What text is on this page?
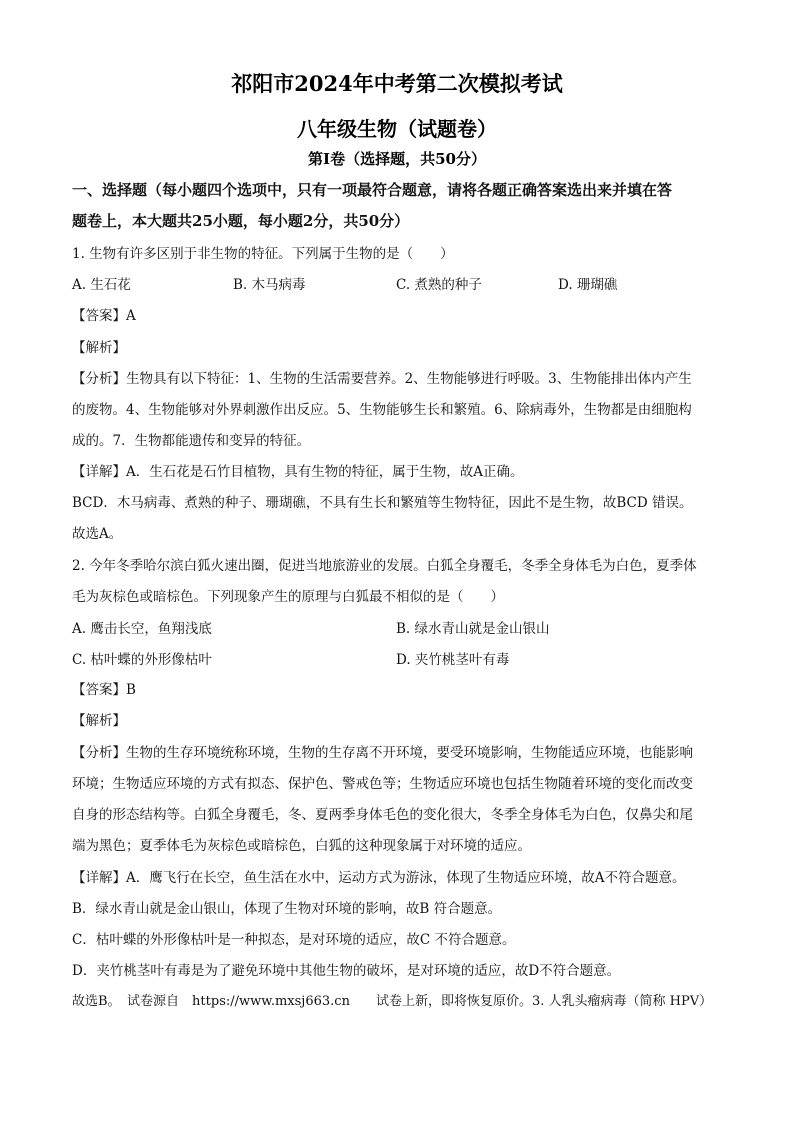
祁阳市2024年中考第二次模拟考试
八年级生物（试题卷）
第Ⅰ卷（选择题，共50分）
一、选择题（每小题四个选项中，只有一项最符合题意，请将各题正确答案选出来并填在答
题卷上，本大题共25小题，每小题2分，共50分）
1. 生物有许多区别于非生物的特征。下列属于生物的是（　　）
A. 生石花	B. 木马病毒	C. 煮熟的种子	D. 珊瑚礁
【答案】A
【解析】
【分析】生物具有以下特征：1、生物的生活需要营养。2、生物能够进行呼吸。3、生物能排出体内产生
的废物。4、生物能够对外界刺激作出反应。5、生物能够生长和繁殖。6、除病毒外，生物都是由细胞构
成的。7．生物都能遗传和变异的特征。
【详解】A．生石花是石竹目植物，具有生物的特征，属于生物，故A正确。
BCD．木马病毒、煮熟的种子、珊瑚礁，不具有生长和繁殖等生物特征，因此不是生物，故BCD 错误。
故选A。
2. 今年冬季哈尔滨白狐火速出圈，促进当地旅游业的发展。白狐全身覆毛，冬季全身体毛为白色，夏季体
毛为灰棕色或暗棕色。下列现象产生的原理与白狐最不相似的是（　　）
A. 鹰击长空，鱼翔浅底	B. 绿水青山就是金山银山
C. 枯叶蝶的外形像枯叶	D. 夹竹桃茎叶有毒
【答案】B
【解析】
【分析】生物的生存环境统称环境，生物的生存离不开环境，要受环境影响，生物能适应环境，也能影响
环境；生物适应环境的方式有拟态、保护色、警戒色等；生物适应环境也包括生物随着环境的变化而改变
自身的形态结构等。白狐全身覆毛，冬、夏两季身体毛色的变化很大，冬季全身体毛为白色，仅鼻尖和尾
端为黑色；夏季体毛为灰棕色或暗棕色，白狐的这种现象属于对环境的适应。
【详解】A．鹰飞行在长空，鱼生活在水中，运动方式为游泳，体现了生物适应环境，故A不符合题意。
B．绿水青山就是金山银山，体现了生物对环境的影响，故B 符合题意。
C．枯叶蝶的外形像枯叶是一种拟态，是对环境的适应，故C 不符合题意。
D．夹竹桃茎叶有毒是为了避免环境中其他生物的破坏，是对环境的适应，故D不符合题意。
故选B。　试卷源自　https://www.mxsj663.cn　　试卷上新，即将恢复原价。3. 人乳头瘤病毒（简称 HPV）
